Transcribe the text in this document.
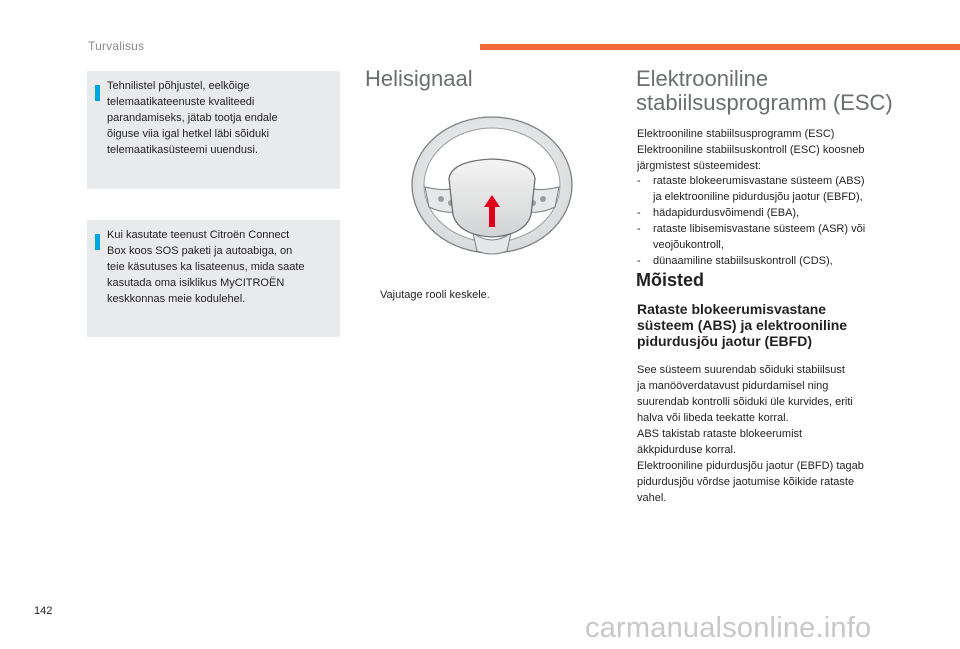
Turvalisus

Tehnilistel põhjustel, eelkõige

telemaatikateenuste kvaliteedi

parandamiseks, jätab tootja endale

õiguse viia igal hetkel läbi sõiduki

telemaatikasüsteemi uuendusi.

Kui kasutate teenust Citroën Connect

Box koos SOS paketi ja autoabiga, on

teie käsutuses ka lisateenus, mida saate

kasutada oma isiklikus MyCITROËN

keskkonnas meie kodulehel.

Helisignaal
Vajutage rooli keskele.
Elektrooniline
stabiilsusprogramm (ESC)

Elektrooniline stabiilsusprogramm (ESC)
Elektrooniline stabiilsuskontroll (ESC) koosneb
järgmistest süsteemidest:

- rataste blokeerumisvastane süsteem (ABS)
ja elektrooniline pidurdusjõu jaotur (EBFD),
- hädapidurdusvõimendi (EBA),
- rataste libisemisvastane süsteem (ASR) või
veojõukontroll,
- dünaamiline stabiilsuskontroll (CDS),
Mõisted
Rataste blokeerumisvastane
süsteem (ABS) ja elektrooniline
pidurdusjõu jaotur (EBFD)

See süsteem suurendab sõiduki stabiilsust
ja manööverdatavust pidurdamisel ning
suurendab kontrolli sõiduki üle kurvides, eriti
halva või libeda teekatte korral.
ABS takistab rataste blokeerumist
äkkpidurduse korral.
Elektrooniline pidurdusjõu jaotur (EBFD) tagab
pidurdusjõu võrdse jaotumise kõikide rataste
vahel.

142
carmanualsonline.info
